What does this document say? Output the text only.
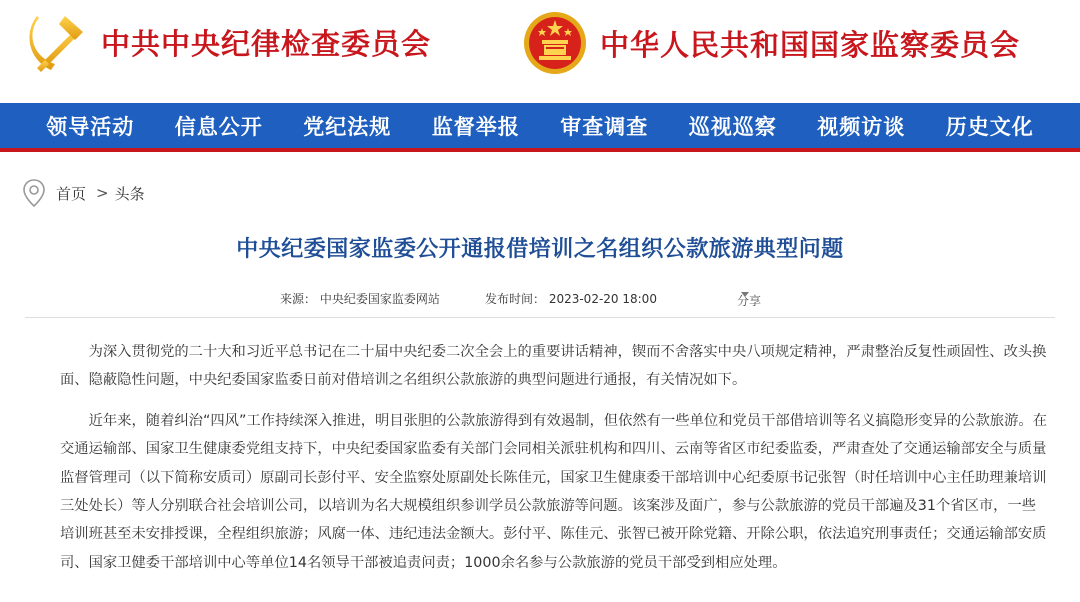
中共中央纪律检查委员会	中华人民共和国国家监察委员会
领导活动 信息公开 党纪法规 监督举报 审查调查 巡视巡察 视频访谈 历史文化
首页 > 头条
中央纪委国家监委公开通报借培训之名组织公款旅游典型问题
来源： 中央纪委国家监委网站	发布时间： 2023-02-20 18:00	分享

为深入贯彻党的二十大和习近平总书记在二十届中央纪委二次全会上的重要讲话精神，锲而不舍落实中央八项规定精神，严肃整治反复性顽固性、改头换面、隐蔽隐性问题，中央纪委国家监委日前对借培训之名组织公款旅游的典型问题进行通报，有关情况如下。

近年来，随着纠治“四风”工作持续深入推进，明目张胆的公款旅游得到有效遏制，但依然有一些单位和党员干部借培训等名义搞隐形变异的公款旅游。在交通运输部、国家卫生健康委党组支持下，中央纪委国家监委有关部门会同相关派驻机构和四川、云南等省区市纪委监委，严肃查处了交通运输部安全与质量监督管理司（以下简称安质司）原副司长彭付平、安全监察处原副处长陈佳元，国家卫生健康委干部培训中心纪委原书记张智（时任培训中心主任助理兼培训三处处长）等人分别联合社会培训公司，以培训为名大规模组织参训学员公款旅游等问题。该案涉及面广，参与公款旅游的党员干部遍及31个省区市，一些培训班甚至未安排授课，全程组织旅游；风腐一体、违纪违法金额大。彭付平、陈佳元、张智已被开除党籍、开除公职，依法追究刑事责任；交通运输部安质司、国家卫健委干部培训中心等单位14名领导干部被追责问责；1000余名参与公款旅游的党员干部受到相应处理。
